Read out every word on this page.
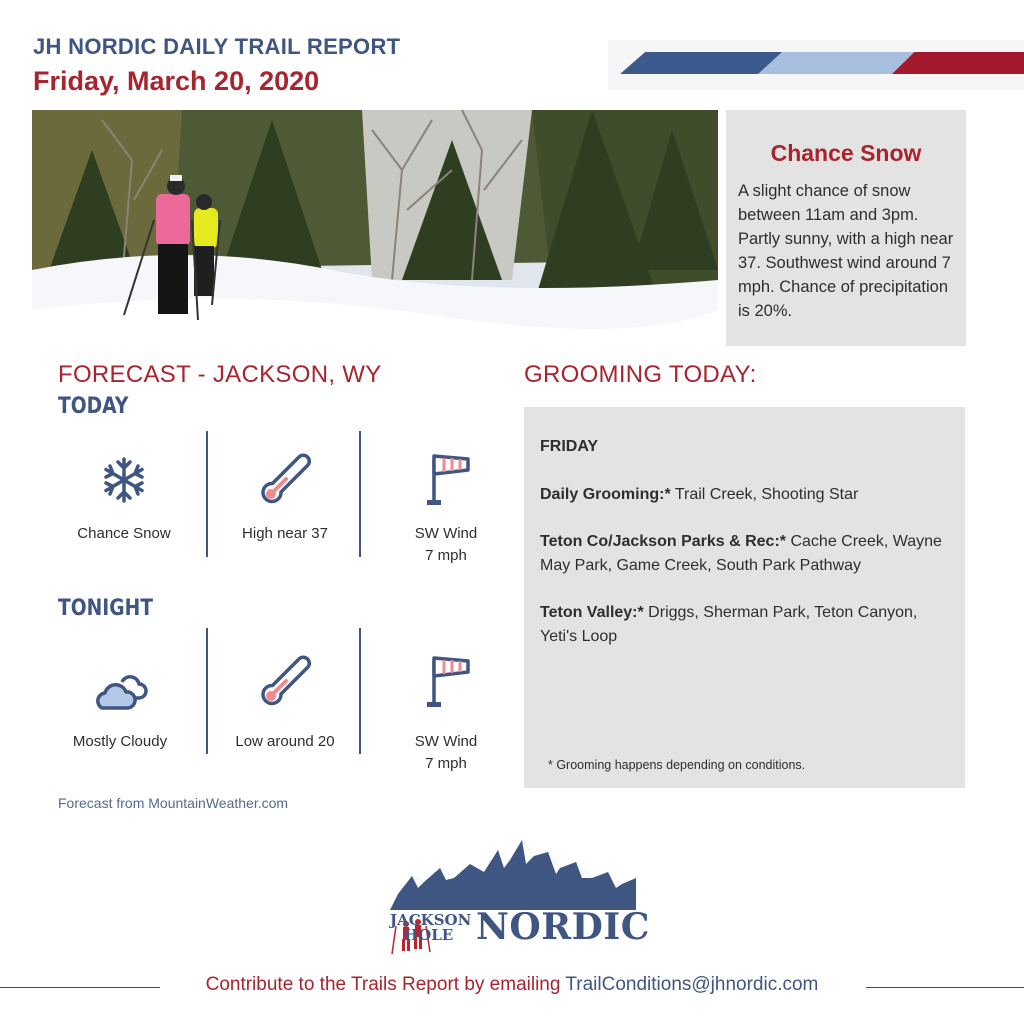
JH NORDIC DAILY TRAIL REPORT
Friday, March 20, 2020
Chance Snow
A slight chance of snow between 11am and 3pm. Partly sunny, with a high near 37. Southwest wind around 7 mph. Chance of precipitation is 20%.
FORECAST - JACKSON, WY
TODAY
Chance Snow	High near 37	SW Wind
7 mph
TONIGHT
Mostly Cloudy	Low around 20	SW Wind
7 mph
Forecast from MountainWeather.com
GROOMING TODAY:
FRIDAY
Daily Grooming:* Trail Creek, Shooting Star
Teton Co/Jackson Parks & Rec:* Cache Creek, Wayne May Park, Game Creek, South Park Pathway
Teton Valley:* Driggs, Sherman Park, Teton Canyon, Yeti's Loop
* Grooming happens depending on conditions.
JACKSON
HOLE NORDIC
Contribute to the Trails Report by emailing TrailConditions@jhnordic.com
